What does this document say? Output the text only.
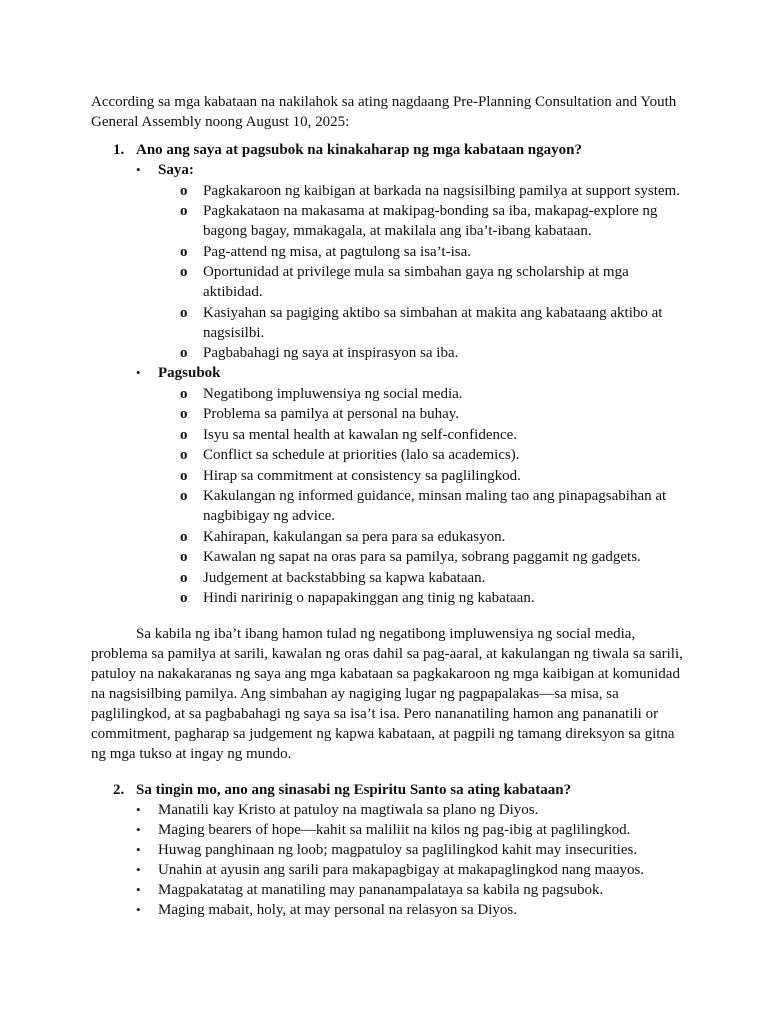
According sa mga kabataan na nakilahok sa ating nagdaang Pre-Planning Consultation and Youth General Assembly noong August 10, 2025:

1. Ano ang saya at pagsubok na kinakaharap ng mga kabataan ngayon?
• Saya:
o Pagkakaroon ng kaibigan at barkada na nagsisilbing pamilya at support system.
o Pagkakataon na makasama at makipag-bonding sa iba, makapag-explore ng bagong bagay, mmakagala, at makilala ang iba’t-ibang kabataan.
o Pag-attend ng misa, at pagtulong sa isa’t-isa.
o Oportunidad at privilege mula sa simbahan gaya ng scholarship at mga aktibidad.
o Kasiyahan sa pagiging aktibo sa simbahan at makita ang kabataang aktibo at nagsisilbi.
o Pagbabahagi ng saya at inspirasyon sa iba.
• Pagsubok
o Negatibong impluwensiya ng social media.
o Problema sa pamilya at personal na buhay.
o Isyu sa mental health at kawalan ng self-confidence.
o Conflict sa schedule at priorities (lalo sa academics).
o Hirap sa commitment at consistency sa paglilingkod.
o Kakulangan ng informed guidance, minsan maling tao ang pinapagsabihan at nagbibigay ng advice.
o Kahirapan, kakulangan sa pera para sa edukasyon.
o Kawalan ng sapat na oras para sa pamilya, sobrang paggamit ng gadgets.
o Judgement at backstabbing sa kapwa kabataan.
o Hindi naririnig o napapakinggan ang tinig ng kabataan.

Sa kabila ng iba’t ibang hamon tulad ng negatibong impluwensiya ng social media, problema sa pamilya at sarili, kawalan ng oras dahil sa pag-aaral, at kakulangan ng tiwala sa sarili, patuloy na nakakaranas ng saya ang mga kabataan sa pagkakaroon ng mga kaibigan at komunidad na nagsisilbing pamilya. Ang simbahan ay nagiging lugar ng pagpapalakas—sa misa, sa paglilingkod, at sa pagbabahagi ng saya sa isa’t isa. Pero nananatiling hamon ang pananatili or commitment, pagharap sa judgement ng kapwa kabataan, at pagpili ng tamang direksyon sa gitna ng mga tukso at ingay ng mundo.

2. Sa tingin mo, ano ang sinasabi ng Espiritu Santo sa ating kabataan?
• Manatili kay Kristo at patuloy na magtiwala sa plano ng Diyos.
• Maging bearers of hope—kahit sa maliliit na kilos ng pag-ibig at paglilingkod.
• Huwag panghinaan ng loob; magpatuloy sa paglilingkod kahit may insecurities.
• Unahin at ayusin ang sarili para makapagbigay at makapaglingkod nang maayos.
• Magpakatatag at manatiling may pananampalataya sa kabila ng pagsubok.
• Maging mabait, holy, at may personal na relasyon sa Diyos.
